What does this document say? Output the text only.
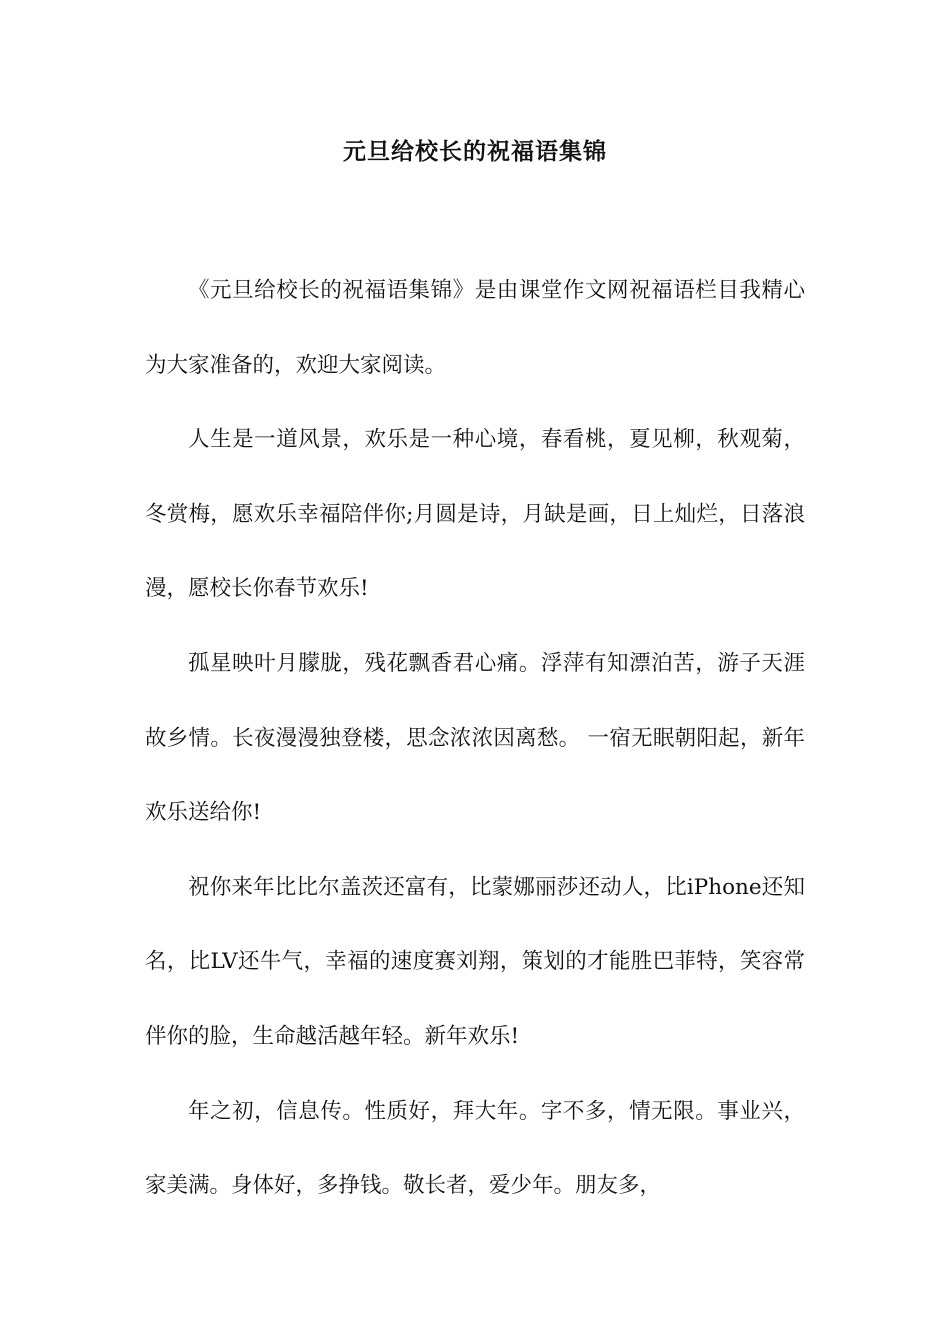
元旦给校长的祝福语集锦

《元旦给校长的祝福语集锦》是由课堂作文网祝福语栏目我精心为大家准备的，欢迎大家阅读。

人生是一道风景，欢乐是一种心境，春看桃，夏见柳，秋观菊，冬赏梅，愿欢乐幸福陪伴你;月圆是诗，月缺是画，日上灿烂，日落浪漫，愿校长你春节欢乐!

孤星映叶月朦胧，残花飘香君心痛。浮萍有知漂泊苦，游子天涯故乡情。长夜漫漫独登楼，思念浓浓因离愁。 一宿无眠朝阳起，新年欢乐送给你!

祝你来年比比尔盖茨还富有，比蒙娜丽莎还动人，比iPhone还知名，比LV还牛气，幸福的速度赛刘翔，策划的才能胜巴菲特，笑容常伴你的脸，生命越活越年轻。新年欢乐!

年之初，信息传。性质好，拜大年。字不多，情无限。事业兴，家美满。身体好，多挣钱。敬长者，爱少年。朋友多，
